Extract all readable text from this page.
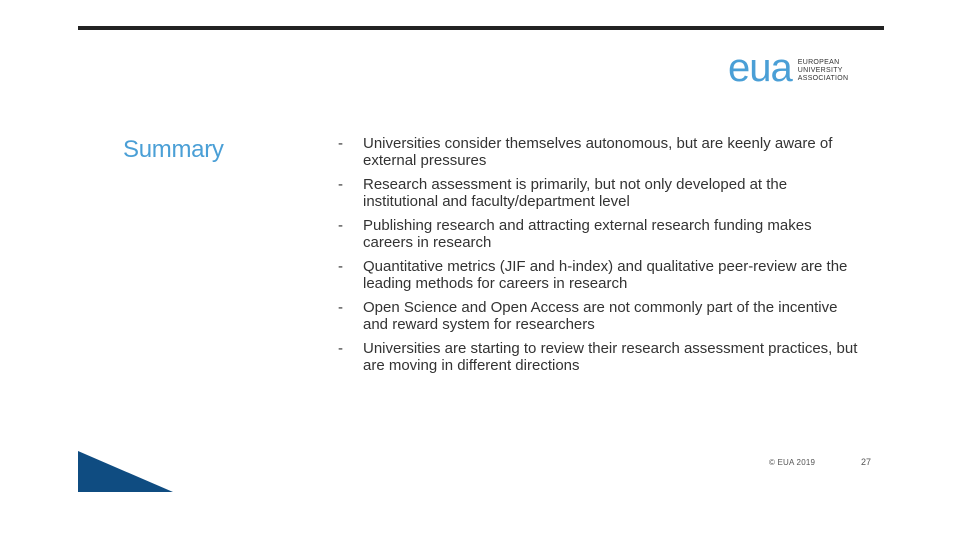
eua EUROPEAN
UNIVERSITY
ASSOCIATION
Summary	- Universities consider themselves autonomous, but are keenly aware of external pressures
- Research assessment is primarily, but not only developed at the institutional and faculty/department level
- Publishing research and attracting external research funding makes careers in research
- Quantitative metrics (JIF and h-index) and qualitative peer-review are the leading methods for careers in research
- Open Science and Open Access are not commonly part of the incentive and reward system for researchers
- Universities are starting to review their research assessment practices, but are moving in different directions
© EUA 2019	27
